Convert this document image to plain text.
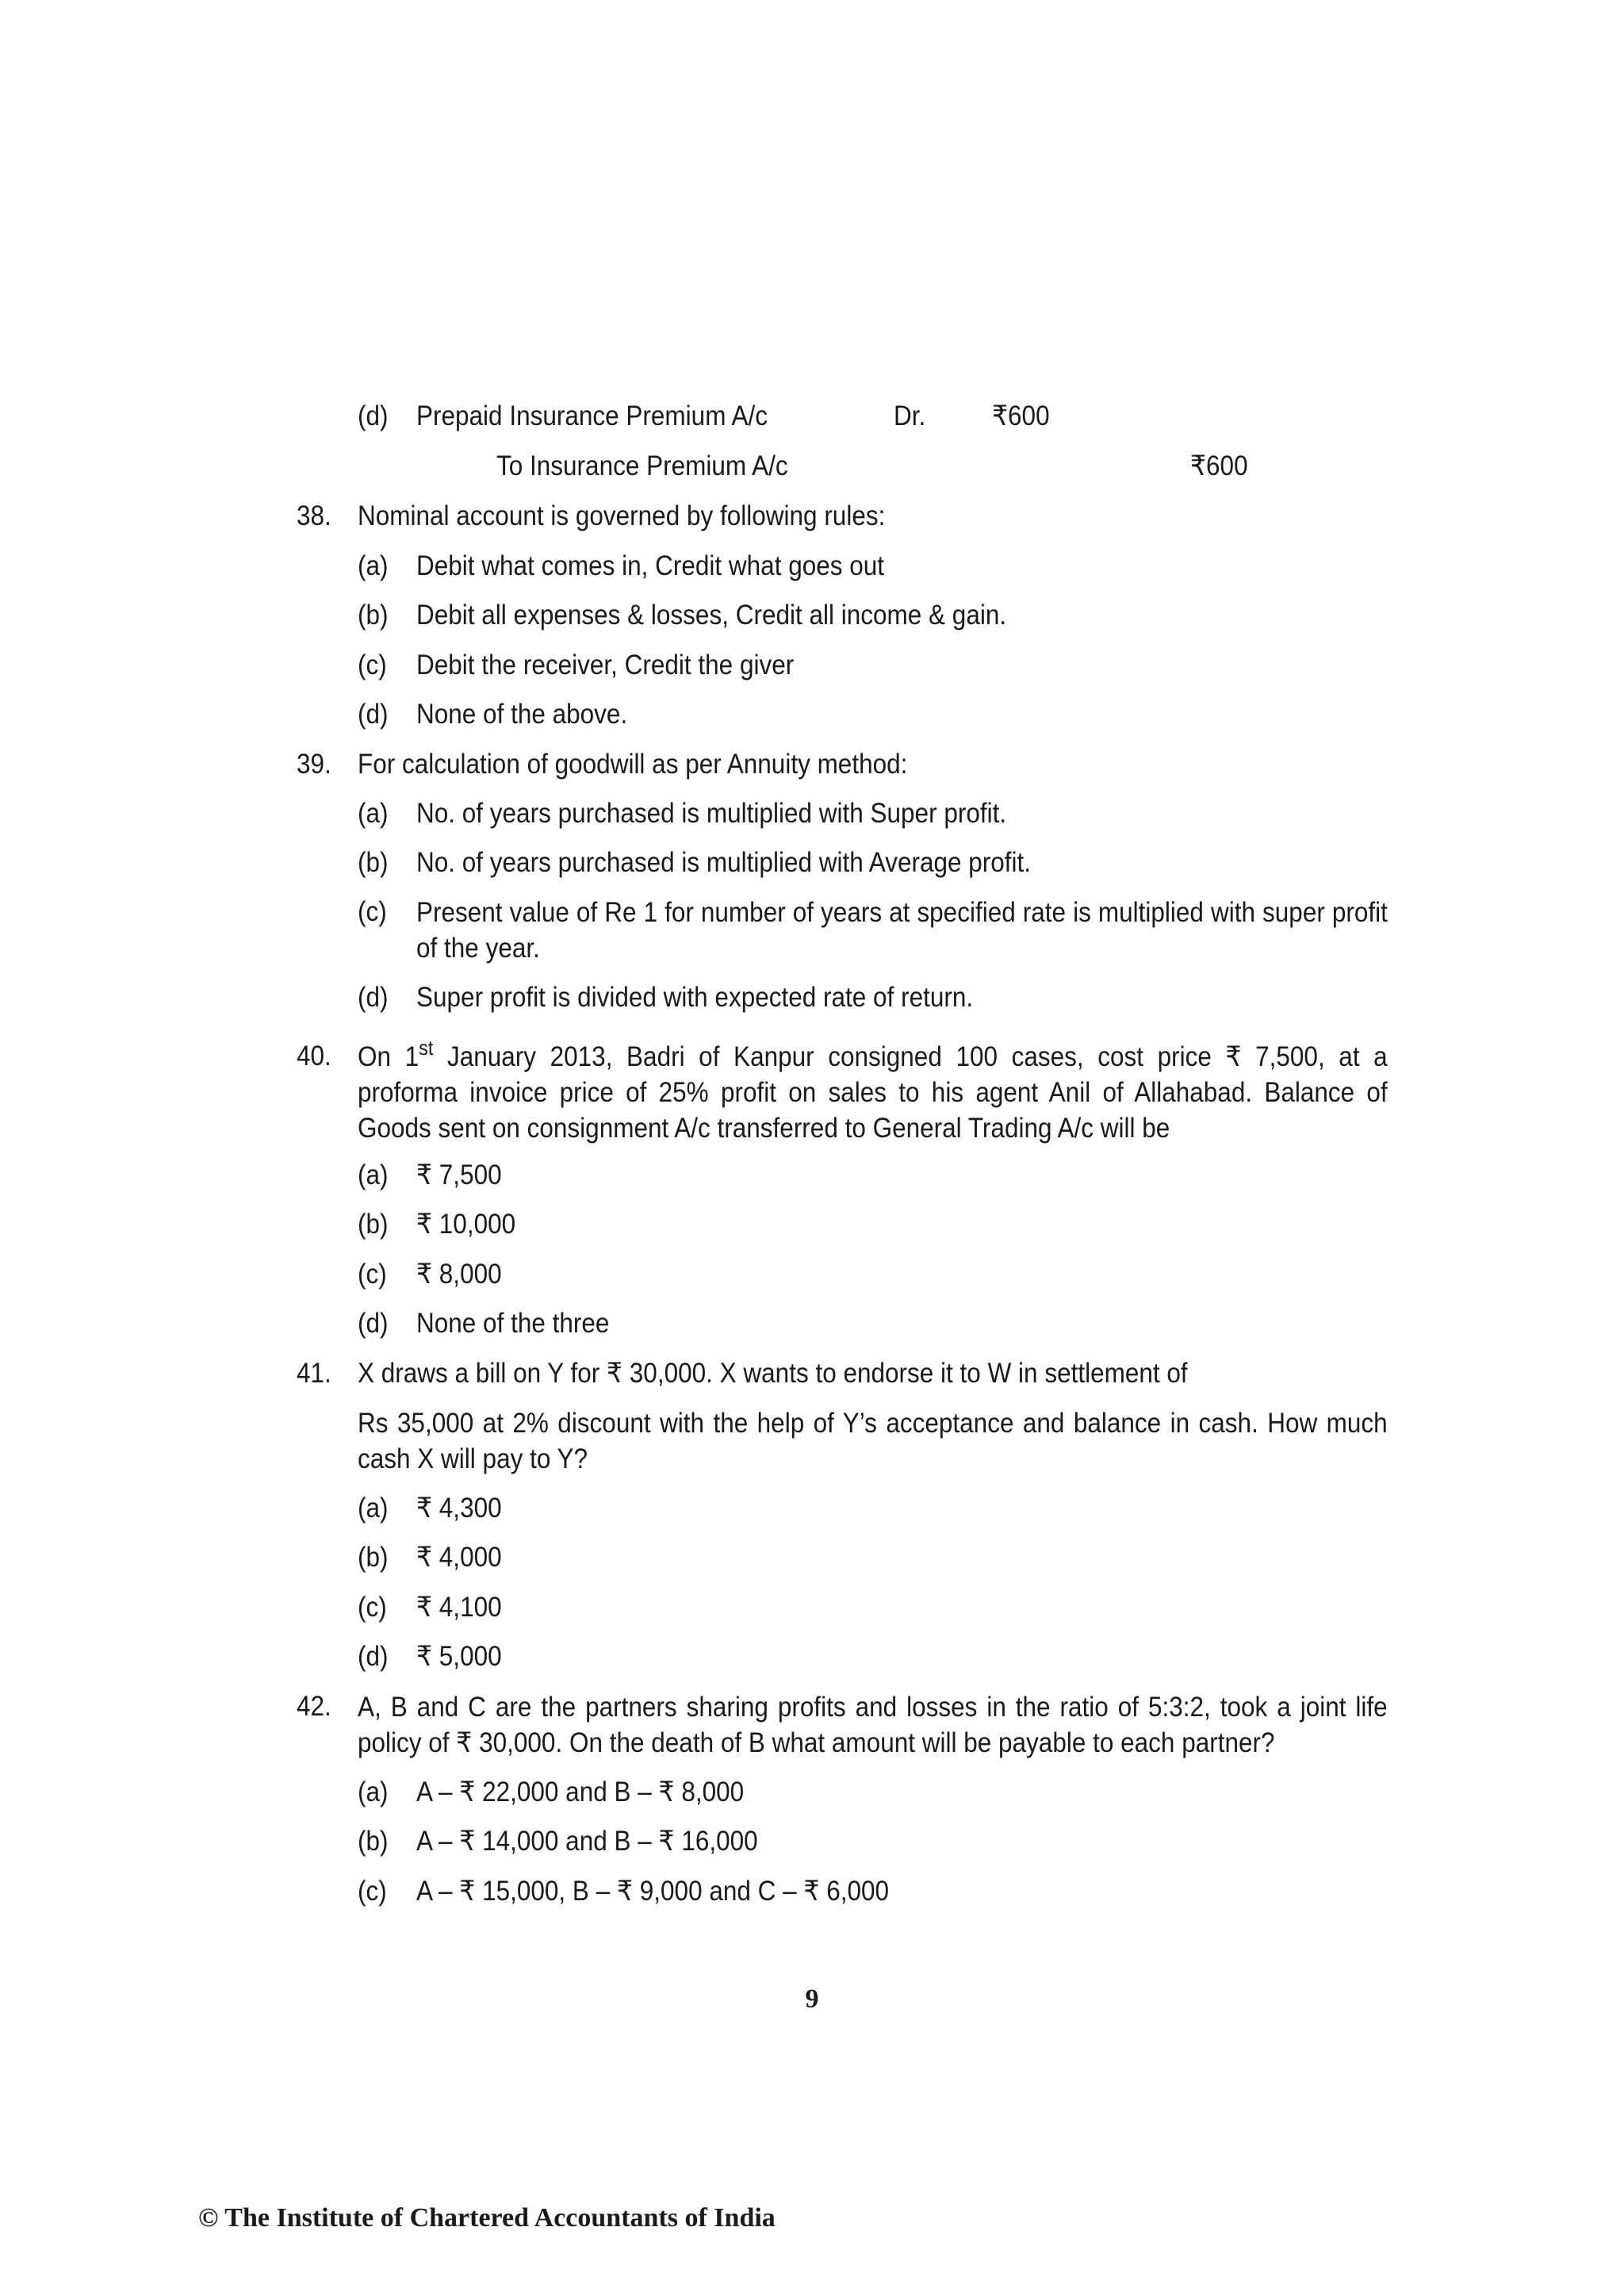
(d) Prepaid Insurance Premium A/c	Dr. ₹600
To Insurance Premium A/c	₹600
38. Nominal account is governed by following rules:
(a) Debit what comes in, Credit what goes out
(b) Debit all expenses & losses, Credit all income & gain.
(c) Debit the receiver, Credit the giver
(d) None of the above.
39. For calculation of goodwill as per Annuity method:
(a) No. of years purchased is multiplied with Super profit.
(b) No. of years purchased is multiplied with Average profit.
(c) Present value of Re 1 for number of years at specified rate is multiplied with super profit of the year.
(d) Super profit is divided with expected rate of return.
40. On 1st January 2013, Badri of Kanpur consigned 100 cases, cost price ₹ 7,500, at a proforma invoice price of 25% profit on sales to his agent Anil of Allahabad. Balance of Goods sent on consignment A/c transferred to General Trading A/c will be
(a) ₹ 7,500
(b) ₹ 10,000
(c) ₹ 8,000
(d) None of the three
41. X draws a bill on Y for ₹ 30,000. X wants to endorse it to W in settlement of
Rs 35,000 at 2% discount with the help of Y’s acceptance and balance in cash. How much cash X will pay to Y?
(a) ₹ 4,300
(b) ₹ 4,000
(c) ₹ 4,100
(d) ₹ 5,000
42. A, B and C are the partners sharing profits and losses in the ratio of 5:3:2, took a joint life policy of ₹ 30,000. On the death of B what amount will be payable to each partner?
(a) A – ₹ 22,000 and B – ₹ 8,000
(b) A – ₹ 14,000 and B – ₹ 16,000
(c) A – ₹ 15,000, B – ₹ 9,000 and C – ₹ 6,000
9
© The Institute of Chartered Accountants of India
